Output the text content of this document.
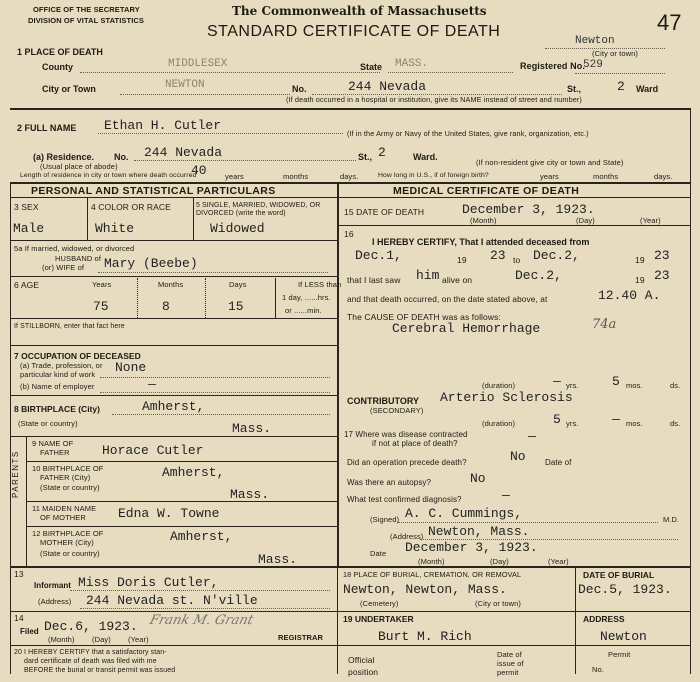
OFFICE OF THE SECRETARY
DIVISION OF VITAL STATISTICS
The Commonwealth of Massachusetts
STANDARD CERTIFICATE OF DEATH	47
Newton
(City or town)
Registered No.
529
1 PLACE OF DEATH
County	MIDDLESEX	State MASS.
City or Town	NEWTON	No.	244 Nevada	St.,	2 Ward
(If death occurred in a hospital or institution, give its NAME instead of street and number)
2 FULL NAME Ethan H. Cutler
(If in the Army or Navy of the United States, give rank, organization, etc.)
(a) Residence.
(Usual place of abode)
No. 244 Nevada	St., 2	Ward.
(If non-resident give city or town and State)
Length of residence in city or town where death occurred
40 years	months	days.	How long in U.S., if of foreign birth?	years	months	days.
PERSONAL AND STATISTICAL PARTICULARS	MEDICAL CERTIFICATE OF DEATH
3 SEX
Male
4 COLOR OR RACE
White
5 SINGLE, MARRIED, WIDOWED, OR DIVORCED (write the word)
Widowed
5a If married, widowed, or divorced
HUSBAND of
(or) WIFE of Mary (Beebe)
6 AGE	Years	Months	Days
75	8	15
If LESS than
1 day, ......hrs.
or ......min.
If STILLBORN, enter that fact here
7 OCCUPATION OF DECEASED
(a) Trade, profession, or
particular kind of work None
(b) Name of employer	—
8 BIRTHPLACE (City)	Amherst,
(State or country)	Mass.
PARENTS
9 NAME OF
FATHER Horace Cutler
10 BIRTHPLACE OF
FATHER (City)	Amherst,
(State or country)	Mass.
11 MAIDEN NAME
OF MOTHER Edna W. Towne
12 BIRTHPLACE OF
MOTHER (City)	Amherst,
(State or country)	Mass.
15 DATE OF DEATH	December 3, 1923.
(Month)	(Day)	(Year)
16
I HEREBY CERTIFY, That I attended deceased from
Dec.1,	19 23 to Dec.2,	19 23
that I last saw him alive on	Dec.2,	19 23
and that death occurred, on the date stated above, at	12.40 A.
The CAUSE OF DEATH was as follows:
Cerebral Hemorrhage	74a
(duration)	— yrs.	5 mos.	ds.
CONTRIBUTORY
(SECONDARY)
Arterio Sclerosis
(duration)	5 yrs.	— mos.	ds.
17 Where was disease contracted
if not at place of death?	—
Did an operation precede death?	No Date of
Was there an autopsy?	No
What test confirmed diagnosis?	—
(Signed) A. C. Cummings,	M.D.
(Address) Newton, Mass.
Date December 3, 1923.
(Month)	(Day)	(Year)
13
Informant Miss Doris Cutler,
(Address) 244 Nevada st. N'ville
14
Filed Dec.6, 1923. Frank M. Grant
(Month) (Day) (Year)	REGISTRAR
20 I HEREBY CERTIFY that a satisfactory stan-
dard certificate of death was filed with me
BEFORE the burial or transit permit was issued
Official
position
Date of
issue of
permit
Permit
No.
18 PLACE OF BURIAL, CREMATION, OR REMOVAL
Newton, Newton, Mass.
(Cemetery)	(City or town)
DATE OF BURIAL
Dec.5, 1923.
19 UNDERTAKER
Burt M. Rich
ADDRESS
Newton
